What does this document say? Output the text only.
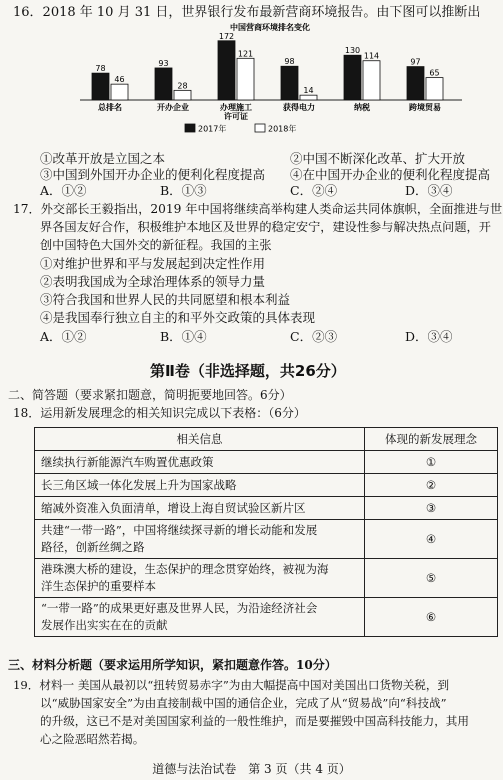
16．2018 年 10 月 31 日，世界银行发布最新营商环境报告。由下图可以推断出
中国营商环境排名变化
78
46
总排名
93
28
开办企业
172
121
办理施工
许可证
98
14
获得电力
130
114
纳税
97
65
跨境贸易
2017年	2018年
①改革开放是立国之本	②中国不断深化改革、扩大开放
③中国到外国开办企业的便利化程度提高 ④在中国开办企业的便利化程度提高
A．①②	B．①③	C．②④	D．③④
17．外交部长王毅指出，2019 年中国将继续高举构建人类命运共同体旗帜，全面推进与世
界各国友好合作，积极维护本地区及世界的稳定安宁，建设性参与解决热点问题，开
创中国特色大国外交的新征程。我国的主张
①对维护世界和平与发展起到决定性作用
②表明我国成为全球治理体系的领导力量
③符合我国和世界人民的共同愿望和根本利益
④是我国奉行独立自主的和平外交政策的具体表现
A．①②	B．①④	C．②③	D．③④
第Ⅱ卷（非选择题，共26分）
二、简答题（要求紧扣题意，简明扼要地回答。6分）
18．运用新发展理念的相关知识完成以下表格：（6分）
相关信息	体现的新发展理念
继续执行新能源汽车购置优惠政策	①
长三角区域一体化发展上升为国家战略	②
缩减外资准入负面清单，增设上海自贸试验区新片区	③
共建“一带一路”，中国将继续探寻新的增长动能和发展
路径，创新丝绸之路	④
港珠澳大桥的建设，生态保护的理念贯穿始终，被视为海
洋生态保护的重要样本	⑤
“一带一路”的成果更好惠及世界人民，为沿途经济社会
发展作出实实在在的贡献	⑥
三、材料分析题（要求运用所学知识，紧扣题意作答。10分）
19．材料一 美国从最初以“扭转贸易赤字”为由大幅提高中国对美国出口货物关税，到
以“威胁国家安全”为由直接制裁中国的通信企业，完成了从“贸易战”向“科技战”
的升级，这已不是对美国国家利益的一般性维护，而是要摧毁中国高科技能力，其用
心之险恶昭然若揭。
道德与法治试卷　第 3 页（共 4 页）
